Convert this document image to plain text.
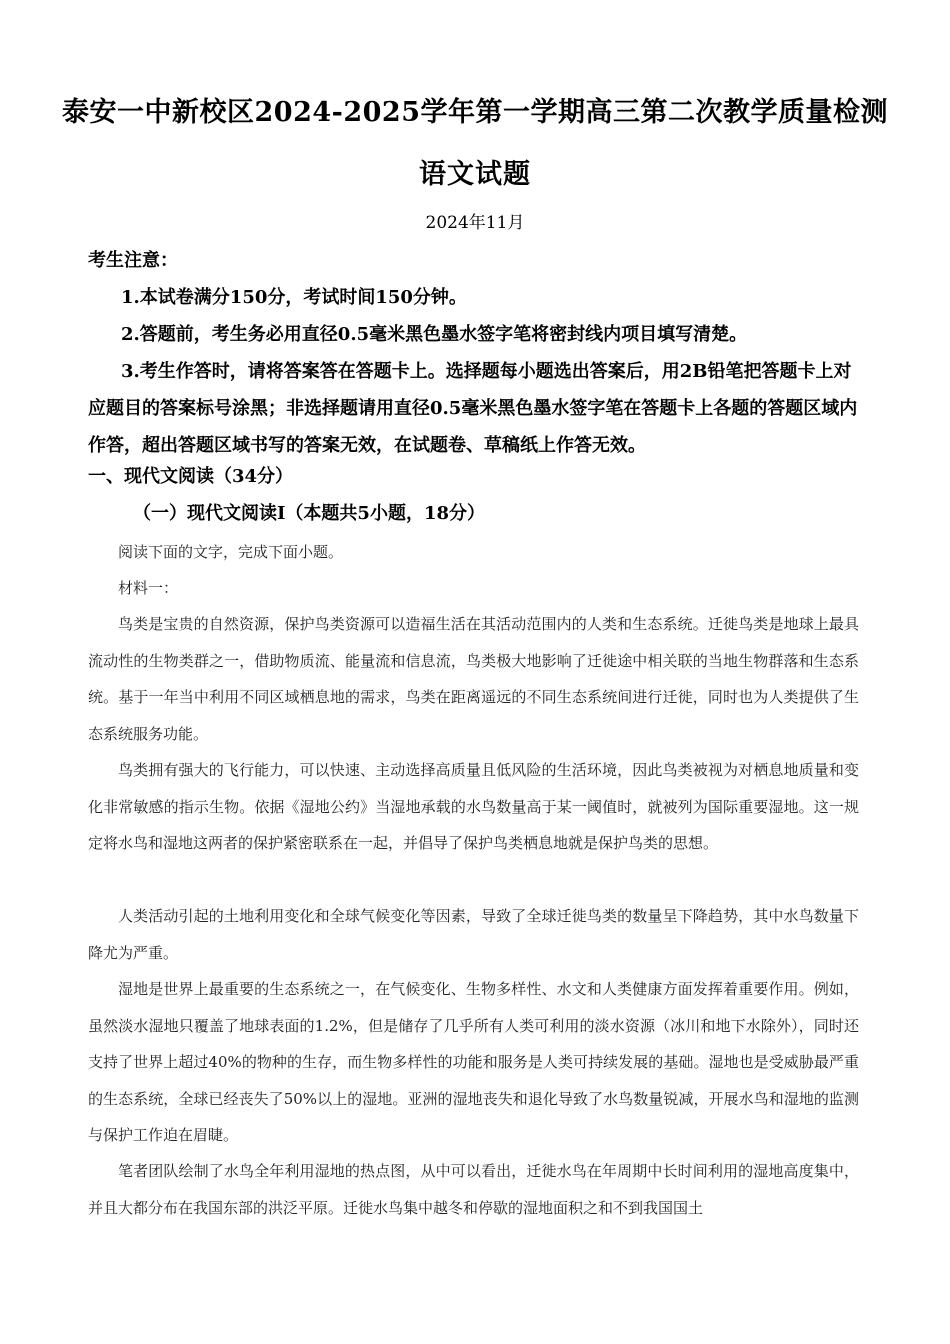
泰安一中新校区2024-2025学年第一学期高三第二次教学质量检测
语文试题
2024年11月
考生注意：
1.本试卷满分150分，考试时间150分钟。
2.答题前，考生务必用直径0.5毫米黑色墨水签字笔将密封线内项目填写清楚。
3.考生作答时，请将答案答在答题卡上。选择题每小题选出答案后，用2B铅笔把答题卡上对应题目的答案标号涂黑；非选择题请用直径0.5毫米黑色墨水签字笔在答题卡上各题的答题区域内作答，超出答题区域书写的答案无效，在试题卷、草稿纸上作答无效。
一、现代文阅读（34分）
（一）现代文阅读Ⅰ（本题共5小题，18分）
阅读下面的文字，完成下面小题。
材料一：
鸟类是宝贵的自然资源，保护鸟类资源可以造福生活在其活动范围内的人类和生态系统。迁徙鸟类是地球上最具流动性的生物类群之一，借助物质流、能量流和信息流，鸟类极大地影响了迁徙途中相关联的当地生物群落和生态系统。基于一年当中利用不同区域栖息地的需求，鸟类在距离遥远的不同生态系统间进行迁徙，同时也为人类提供了生态系统服务功能。
鸟类拥有强大的飞行能力，可以快速、主动选择高质量且低风险的生活环境，因此鸟类被视为对栖息地质量和变化非常敏感的指示生物。依据《湿地公约》当湿地承载的水鸟数量高于某一阈值时，就被列为国际重要湿地。这一规定将水鸟和湿地这两者的保护紧密联系在一起，并倡导了保护鸟类栖息地就是保护鸟类的思想。
人类活动引起的土地利用变化和全球气候变化等因素，导致了全球迁徙鸟类的数量呈下降趋势，其中水鸟数量下降尤为严重。
湿地是世界上最重要的生态系统之一，在气候变化、生物多样性、水文和人类健康方面发挥着重要作用。例如，虽然淡水湿地只覆盖了地球表面的1.2%，但是储存了几乎所有人类可利用的淡水资源（冰川和地下水除外），同时还支持了世界上超过40%的物种的生存，而生物多样性的功能和服务是人类可持续发展的基础。湿地也是受威胁最严重的生态系统，全球已经丧失了50%以上的湿地。亚洲的湿地丧失和退化导致了水鸟数量锐减，开展水鸟和湿地的监测与保护工作迫在眉睫。
笔者团队绘制了水鸟全年利用湿地的热点图，从中可以看出，迁徙水鸟在年周期中长时间利用的湿地高度集中，并且大都分布在我国东部的洪泛平原。迁徙水鸟集中越冬和停歇的湿地面积之和不到我国国土
